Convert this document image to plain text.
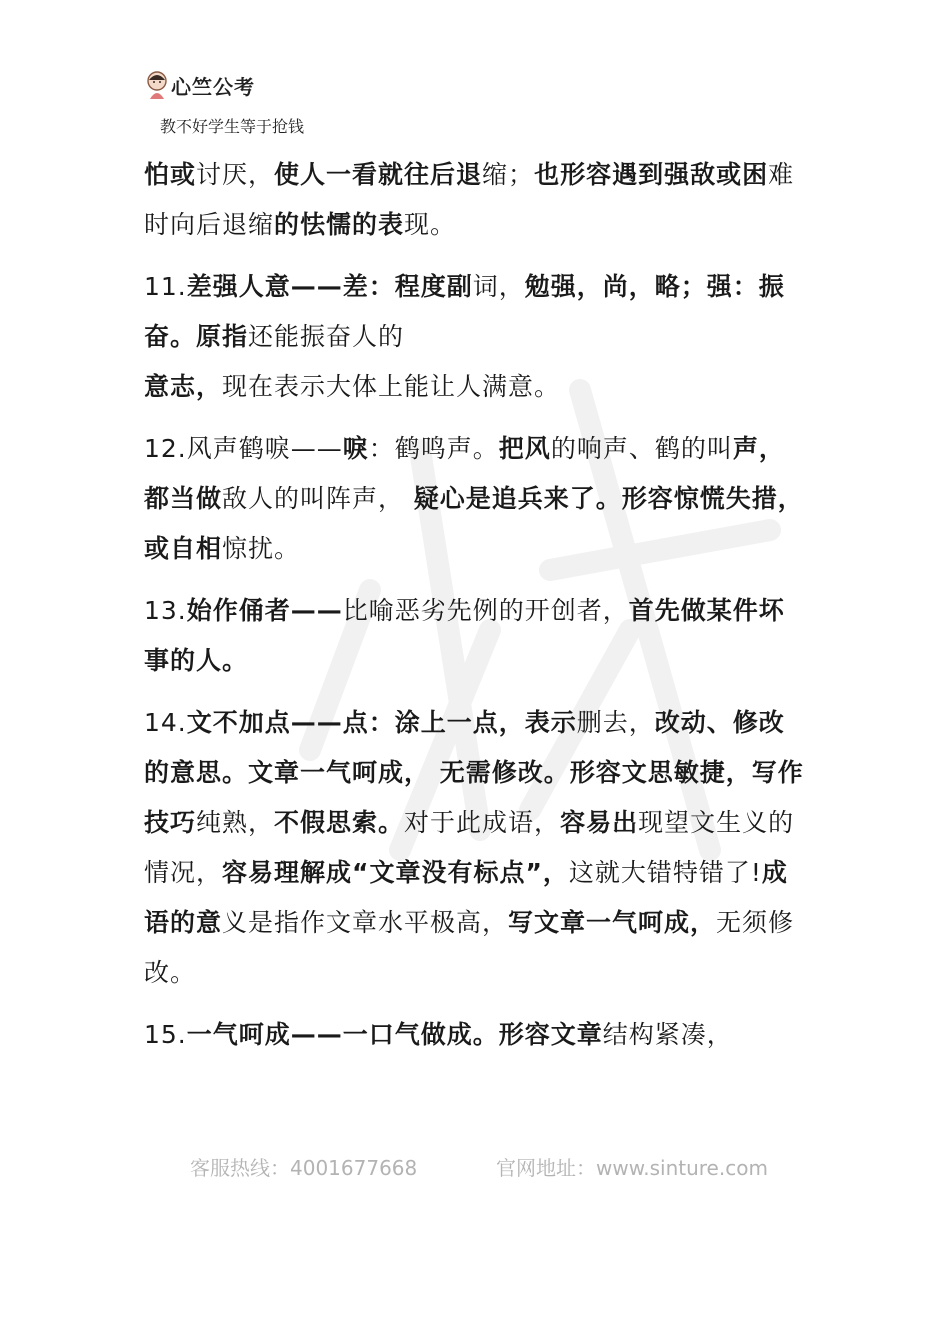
心竺公考
教不好学生等于抢钱

怕或讨厌，使人一看就往后退缩；也形容遇到强敌或困难时向后退缩的怯懦的表现。

11.差强人意——差：程度副词，勉强，尚，略；强：振奋。原指还能振奋人的

意志，现在表示大体上能让人满意。

12.风声鹤唳——唳：鹤鸣声。把风的响声、鹤的叫声，都当做敌人的叫阵声， 疑心是追兵来了。形容惊慌失措，或自相惊扰。

13.始作俑者——比喻恶劣先例的开创者，首先做某件坏事的人。

14.文不加点——点：涂上一点，表示删去，改动、修改的意思。文章一气呵成， 无需修改。形容文思敏捷，写作技巧纯熟，不假思索。对于此成语，容易出现望文生义的情况，容易理解成“文章没有标点”，这就大错特错了!成语的意义是指作文章水平极高，写文章一气呵成，无须修改。

15.一气呵成——一口气做成。形容文章结构紧凑，

客服热线：4001677668	官网地址：www.sinture.com
